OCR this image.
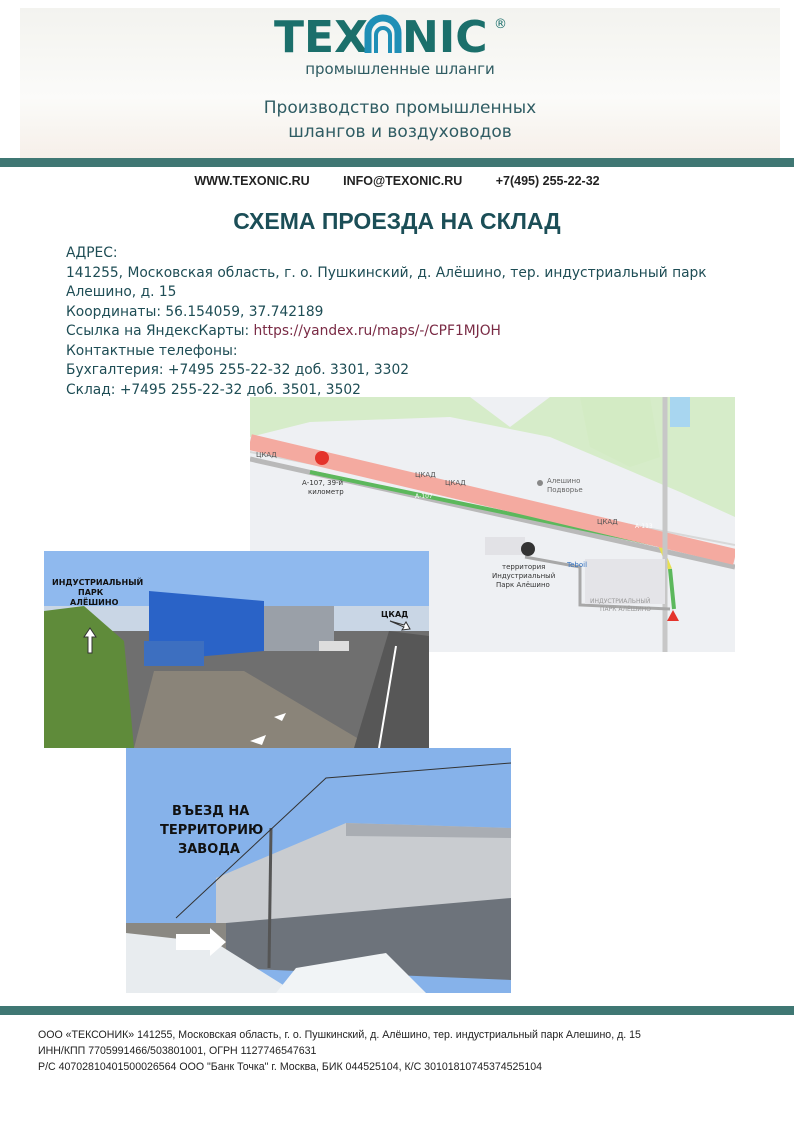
TEX NIC ®
промышленные шланги
Производство промышленных
шлангов и воздуховодов
WWW.TEXONIC.RU	INFO@TEXONIC.RU	+7(495) 255-22-32
СХЕМА ПРОЕЗДА НА СКЛАД
АДРЕС:
141255, Московская область, г. о. Пушкинский, д. Алёшино, тер. индустриальный парк
Алешино, д. 15
Координаты: 56.154059, 37.742189
Ссылка на ЯндексКарты: https://yandex.ru/maps/-/CPF1MJOH
Контактные телефоны:
Бухгалтерия: +7495 255-22-32 доб. 3301, 3302
Склад: +7495 255-22-32 доб. 3501, 3502
ЦКАД
ЦКАД
ЦКАД
ЦКАД
А-107
А-113
А-107, 39-й
километр
Алешино
Подворье
территория
Индустриальный
Парк Алёшино
Teboil
ИНДУСТРИАЛЬНЫЙ
ПАРК АЛЁШИНО
ИНДУСТРИАЛЬНЫЙ
ПАРК
АЛЁШИНО
ЦКАД
ВЪЕЗД НА
ТЕРРИТОРИЮ
ЗАВОДА
ООО «ТЕКСОНИК» 141255, Московская область, г. о. Пушкинский, д. Алёшино, тер. индустриальный парк Алешино, д. 15
ИНН/КПП 7705991466/503801001, ОГРН 1127746547631
Р/С 40702810401500026564 ООО "Банк Точка" г. Москва, БИК 044525104, К/С 30101810745374525104
